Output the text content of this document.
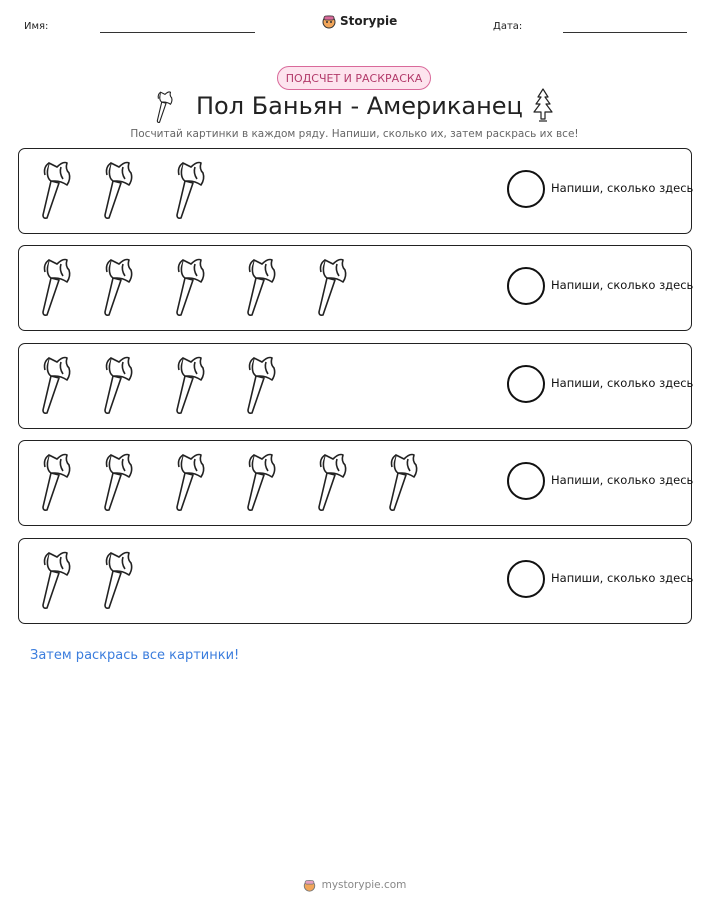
Имя:	Storypie	Дата:
ПОДСЧЕТ И РАСКРАСКА
Пол Баньян - Американец
Посчитай картинки в каждом ряду. Напиши, сколько их, затем раскрась их все!
Напиши, сколько здесь
Напиши, сколько здесь
Напиши, сколько здесь
Напиши, сколько здесь
Напиши, сколько здесь
Затем раскрась все картинки!
mystorypie.com
